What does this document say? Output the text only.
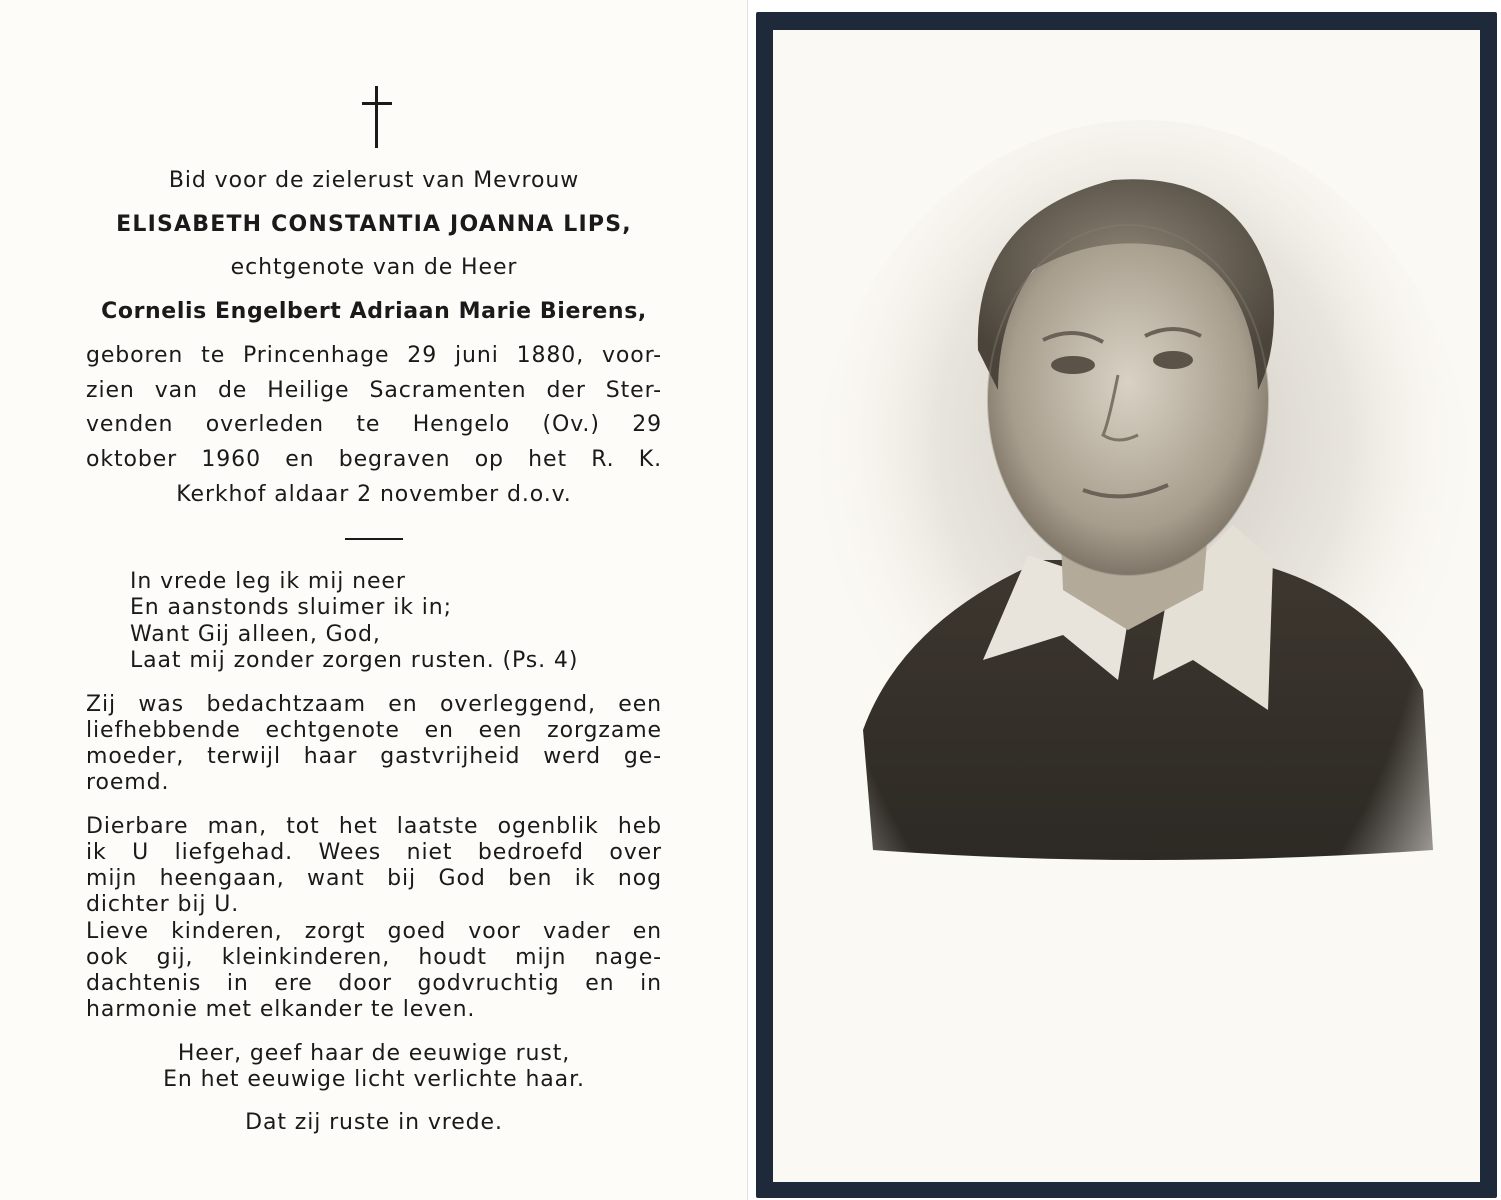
Bid voor de zielerust van Mevrouw
ELISABETH CONSTANTIA JOANNA LIPS,
echtgenote van de Heer
Cornelis Engelbert Adriaan Marie Bierens,
geboren te Princenhage 29 juni 1880, voor-
zien van de Heilige Sacramenten der Ster-
venden overleden te Hengelo (Ov.) 29
oktober 1960 en begraven op het R. K.
Kerkhof aldaar 2 november d.o.v.
In vrede leg ik mij neer
En aanstonds sluimer ik in;
Want Gij alleen, God,
Laat mij zonder zorgen rusten. (Ps. 4)
Zij was bedachtzaam en overleggend, een
liefhebbende echtgenote en een zorgzame
moeder, terwijl haar gastvrijheid werd ge-
roemd.
Dierbare man, tot het laatste ogenblik heb
ik U liefgehad. Wees niet bedroefd over
mijn heengaan, want bij God ben ik nog
dichter bij U.
Lieve kinderen, zorgt goed voor vader en
ook gij, kleinkinderen, houdt mijn nage-
dachtenis in ere door godvruchtig en in
harmonie met elkander te leven.
Heer, geef haar de eeuwige rust,
En het eeuwige licht verlichte haar.
Dat zij ruste in vrede.
